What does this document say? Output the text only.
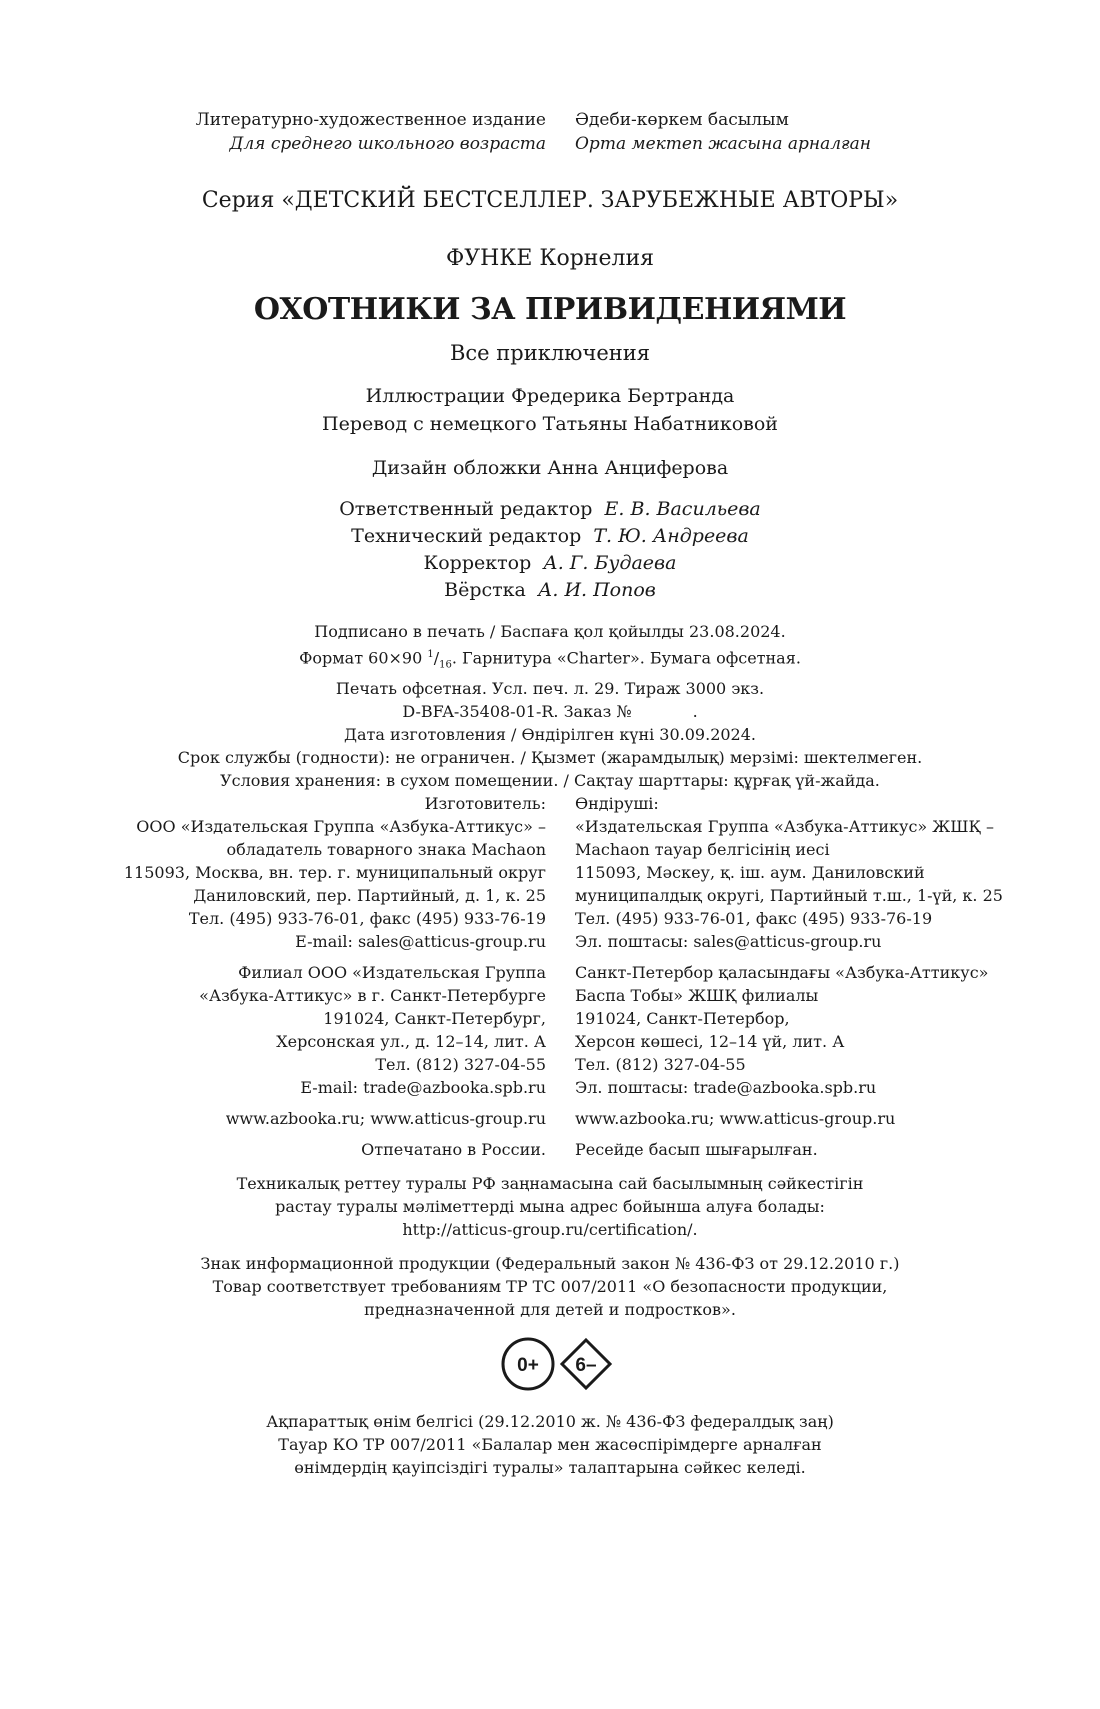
Литературно-художественное издание
Для среднего школьного возраста
Әдеби-көркем басылым
Орта мектеп жасына арналған
Серия «ДЕТСКИЙ БЕСТСЕЛЛЕР. ЗАРУБЕЖНЫЕ АВТОРЫ»
ФУНКЕ Корнелия
ОХОТНИКИ ЗА ПРИВИДЕНИЯМИ
Все приключения
Иллюстрации Фредерика Бертранда
Перевод с немецкого Татьяны Набатниковой
Дизайн обложки Анна Анциферова
Ответственный редактор Е. В. Васильева
Технический редактор Т. Ю. Андреева
Корректор А. Г. Будаева
Вёрстка А. И. Попов
Подписано в печать / Баспаға қол қойылды 23.08.2024.
Формат 60×90 $^1/_{16}$. Гарнитура «Charter». Бумага офсетная.
Печать офсетная. Усл. печ. л. 29. Тираж 3000 экз.
D-BFA-35408-01-R. Заказ №            .
Дата изготовления / Өндірілген күні 30.09.2024.
Срок службы (годности): не ограничен. / Қызмет (жарамдылық) мерзімі: шектелмеген.
Условия хранения: в сухом помещении. / Сақтау шарттары: құрғақ үй-жайда.
Изготовитель:
ООО «Издательская Группа «Азбука-Аттикус» –
обладатель товарного знака Machaon
115093, Москва, вн. тер. г. муниципальный округ
Даниловский, пер. Партийный, д. 1, к. 25
Тел. (495) 933-76-01, факс (495) 933-76-19
E-mail: sales@atticus-group.ru
Филиал ООО «Издательская Группа
«Азбука-Аттикус» в г. Санкт-Петербурге
191024, Санкт-Петербург,
Херсонская ул., д. 12–14, лит. А
Тел. (812) 327-04-55
E-mail: trade@azbooka.spb.ru
www.azbooka.ru; www.atticus-group.ru
Отпечатано в России.
Өндіруші:
«Издательская Группа «Азбука-Аттикус» ЖШҚ –
Machaon тауар белгісінің иесі
115093, Мәскеу, қ. іш. аум. Даниловский
муниципалдық округі, Партийный т.ш., 1-үй, к. 25
Тел. (495) 933-76-01, факс (495) 933-76-19
Эл. поштасы: sales@atticus-group.ru
Санкт-Петербор қаласындағы «Азбука-Аттикус»
Баспа Тобы» ЖШҚ филиалы
191024, Санкт-Петербор,
Херсон көшесі, 12–14 үй, лит. А
Тел. (812) 327-04-55
Эл. поштасы: trade@azbooka.spb.ru
www.azbooka.ru; www.atticus-group.ru
Ресейде басып шығарылған.
Техникалық реттеу туралы РФ заңнамасына сай басылымның сәйкестігін
растау туралы мәліметтерді мына адрес бойынша алуға болады:
http://atticus-group.ru/certification/.
Знак информационной продукции (Федеральный закон № 436-ФЗ от 29.12.2010 г.)
Товар соответствует требованиям ТР ТС 007/2011 «О безопасности продукции,
предназначенной для детей и подростков».
0+ 6–
Ақпараттық өнім белгісі (29.12.2010 ж. № 436-ФЗ федералдық заң)
Тауар КО ТР 007/2011 «Балалар мен жасөспірімдерге арналған
өнімдердің қауіпсіздігі туралы» талаптарына сәйкес келеді.
